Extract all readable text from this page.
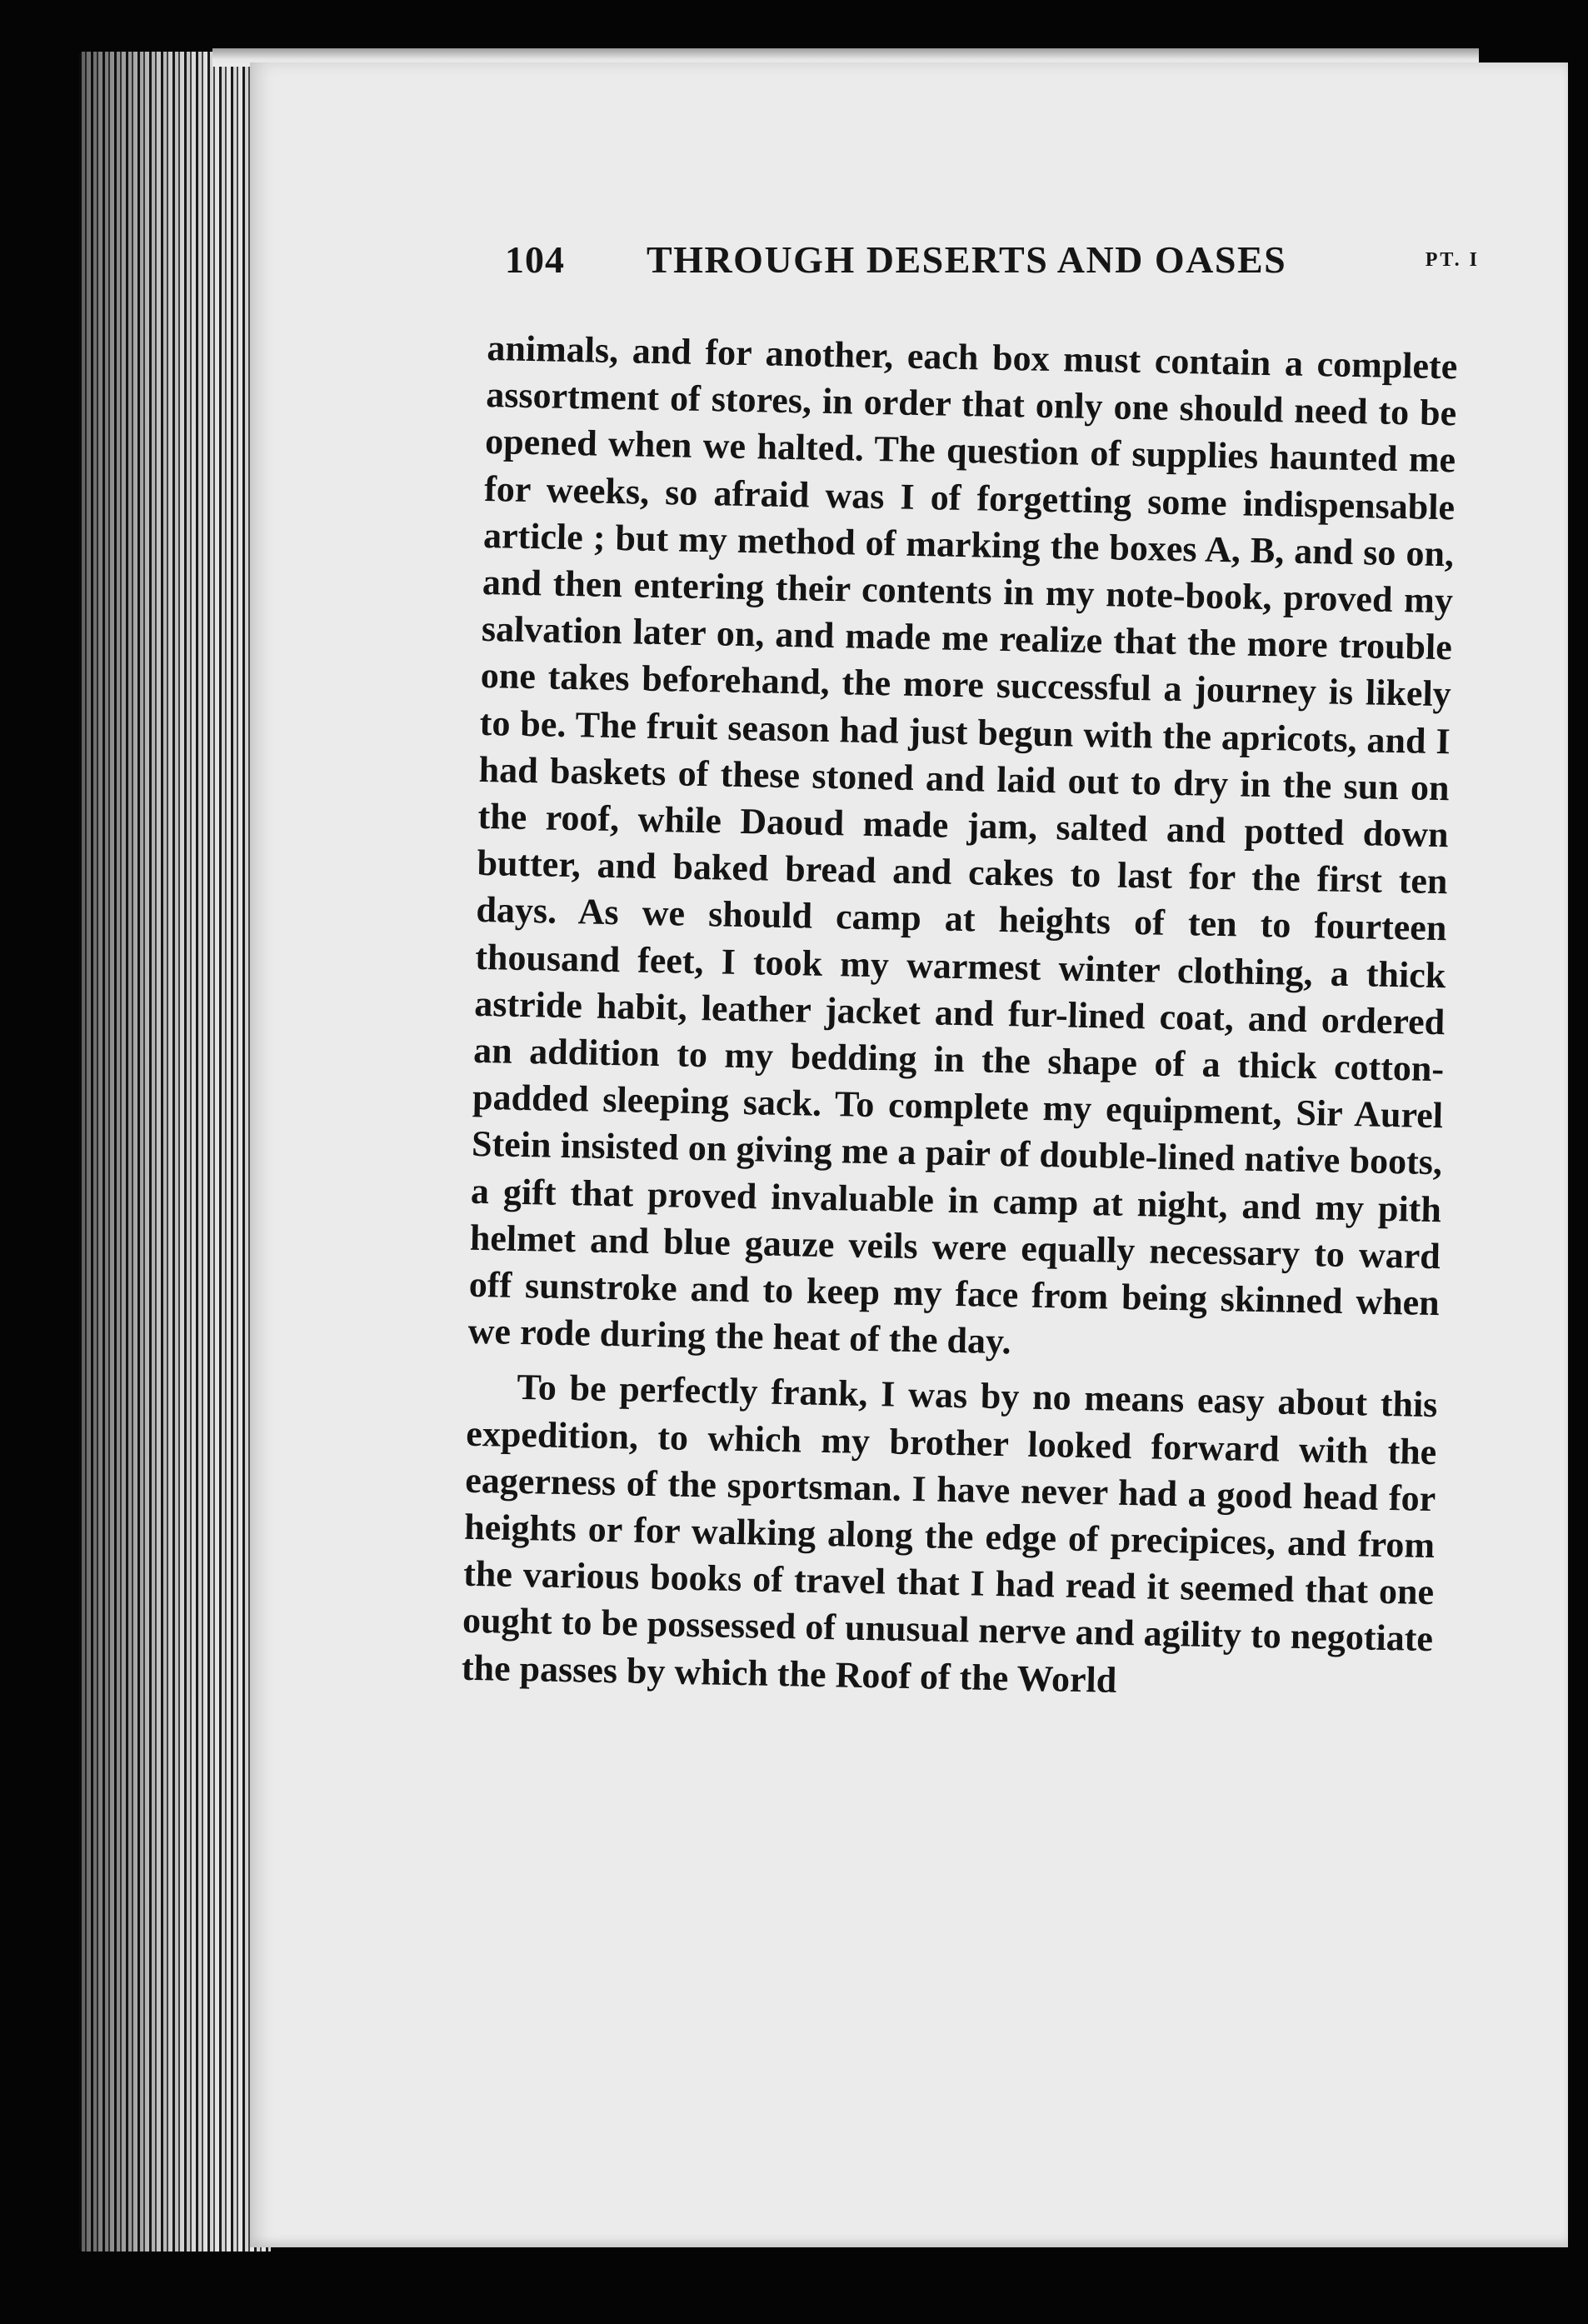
104 THROUGH DESERTS AND OASES	PT. I

animals, and for another, each box must contain a complete assortment of stores, in order that only one should need to be opened when we halted. The question of supplies haunted me for weeks, so afraid was I of forgetting some indispensable article ; but my method of marking the boxes A, B, and so on, and then entering their contents in my note-book, proved my salvation later on, and made me realize that the more trouble one takes beforehand, the more successful a journey is likely to be. The fruit season had just begun with the apricots, and I had baskets of these stoned and laid out to dry in the sun on the roof, while Daoud made jam, salted and potted down butter, and baked bread and cakes to last for the first ten days. As we should camp at heights of ten to fourteen thousand feet, I took my warmest winter clothing, a thick astride habit, leather jacket and fur-lined coat, and ordered an addition to my bedding in the shape of a thick cotton-padded sleeping sack. To complete my equipment, Sir Aurel Stein insisted on giving me a pair of double-lined native boots, a gift that proved invaluable in camp at night, and my pith helmet and blue gauze veils were equally necessary to ward off sunstroke and to keep my face from being skinned when we rode during the heat of the day.

To be perfectly frank, I was by no means easy about this expedition, to which my brother looked forward with the eagerness of the sportsman. I have never had a good head for heights or for walking along the edge of precipices, and from the various books of travel that I had read it seemed that one ought to be possessed of unusual nerve and agility to negotiate the passes by which the Roof of the World
